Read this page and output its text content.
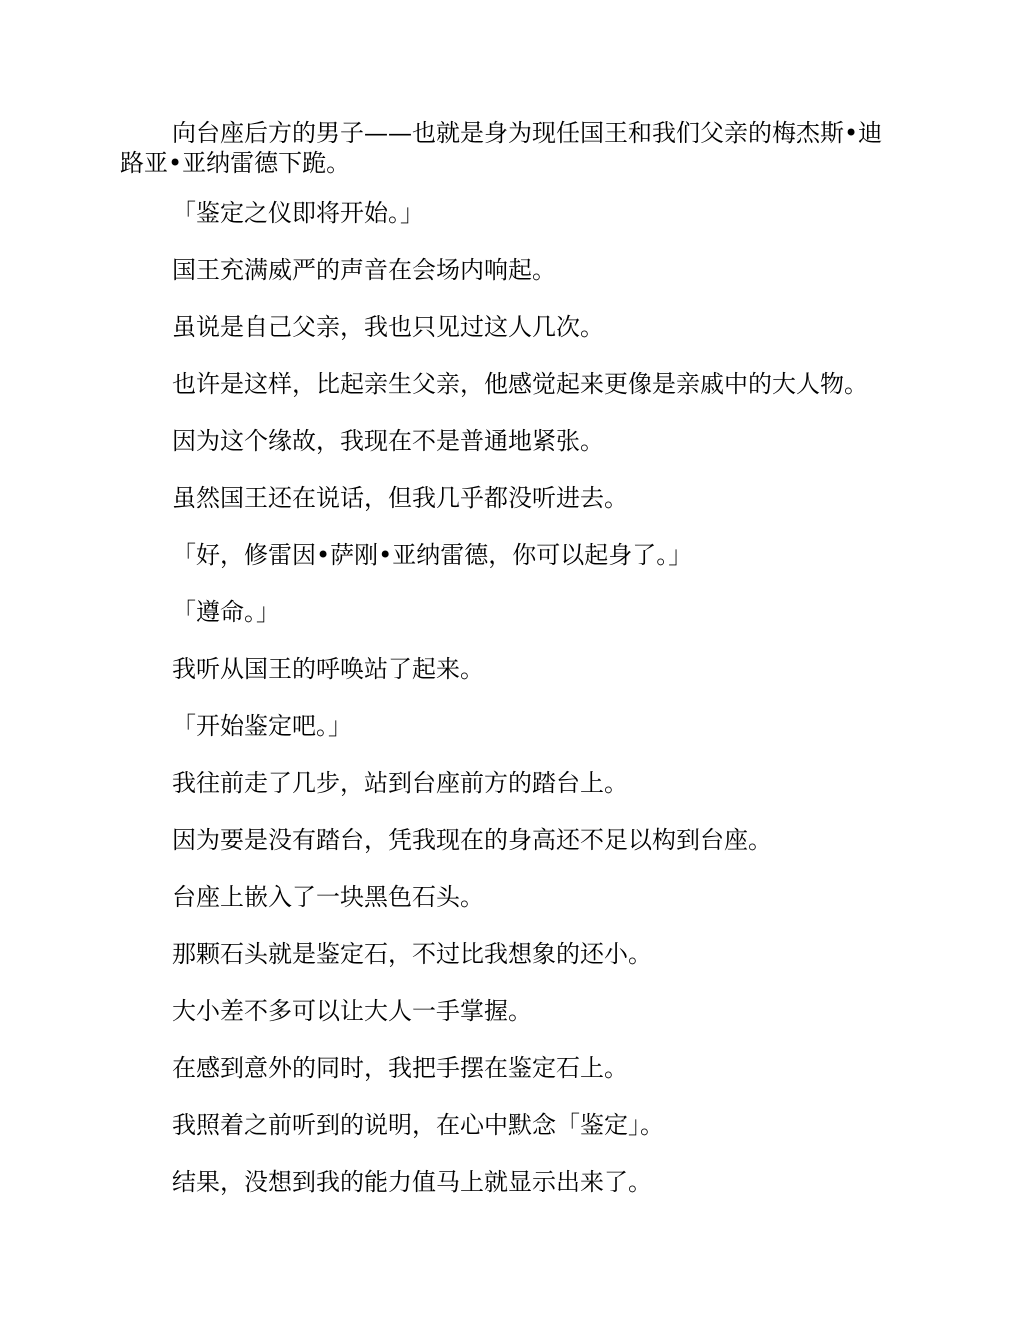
向台座后方的男子——也就是身为现任国王和我们父亲的梅杰斯•迪路亚•亚纳雷德下跪。

「鉴定之仪即将开始。」

国王充满威严的声音在会场内响起。

虽说是自己父亲，我也只见过这人几次。

也许是这样，比起亲生父亲，他感觉起来更像是亲戚中的大人物。

因为这个缘故，我现在不是普通地紧张。

虽然国王还在说话，但我几乎都没听进去。

「好，修雷因•萨刚•亚纳雷德，你可以起身了。」

「遵命。」

我听从国王的呼唤站了起来。

「开始鉴定吧。」

我往前走了几步，站到台座前方的踏台上。

因为要是没有踏台，凭我现在的身高还不足以构到台座。

台座上嵌入了一块黑色石头。

那颗石头就是鉴定石，不过比我想象的还小。

大小差不多可以让大人一手掌握。

在感到意外的同时，我把手摆在鉴定石上。

我照着之前听到的说明，在心中默念「鉴定」。

结果，没想到我的能力值马上就显示出来了。
